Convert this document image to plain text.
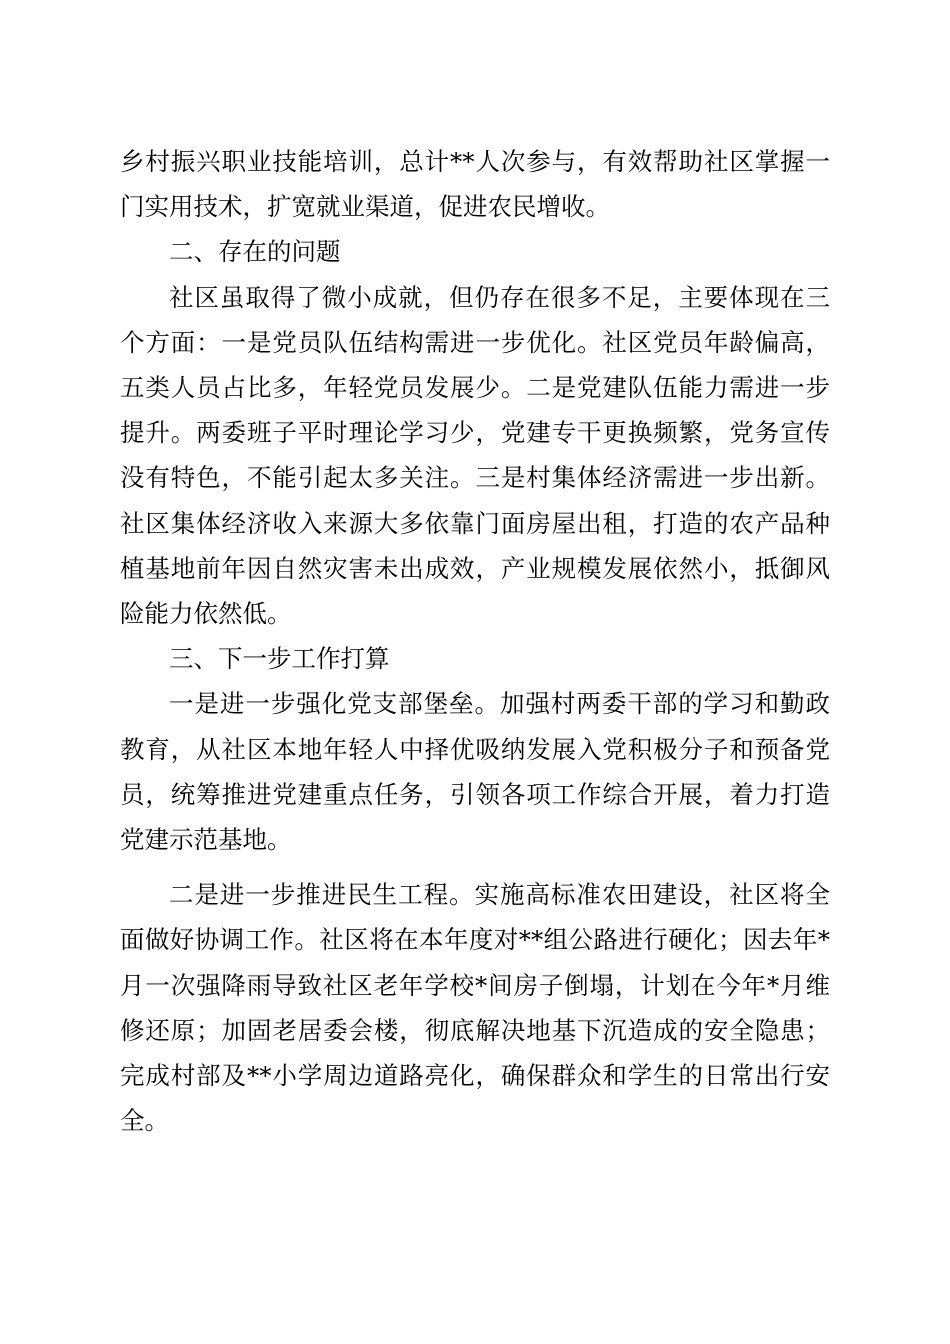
乡村振兴职业技能培训，总计**人次参与，有效帮助社区掌握一门实用技术，扩宽就业渠道，促进农民增收。

二、存在的问题

社区虽取得了微小成就，但仍存在很多不足，主要体现在三个方面：一是党员队伍结构需进一步优化。社区党员年龄偏高，五类人员占比多，年轻党员发展少。二是党建队伍能力需进一步提升。两委班子平时理论学习少，党建专干更换频繁，党务宣传没有特色，不能引起太多关注。三是村集体经济需进一步出新。社区集体经济收入来源大多依靠门面房屋出租，打造的农产品种植基地前年因自然灾害未出成效，产业规模发展依然小，抵御风险能力依然低。

三、下一步工作打算

一是进一步强化党支部堡垒。加强村两委干部的学习和勤政教育，从社区本地年轻人中择优吸纳发展入党积极分子和预备党员，统筹推进党建重点任务，引领各项工作综合开展，着力打造党建示范基地。

二是进一步推进民生工程。实施高标准农田建设，社区将全面做好协调工作。社区将在本年度对**组公路进行硬化；因去年*月一次强降雨导致社区老年学校*间房子倒塌，计划在今年*月维修还原；加固老居委会楼，彻底解决地基下沉造成的安全隐患；完成村部及**小学周边道路亮化，确保群众和学生的日常出行安全。
